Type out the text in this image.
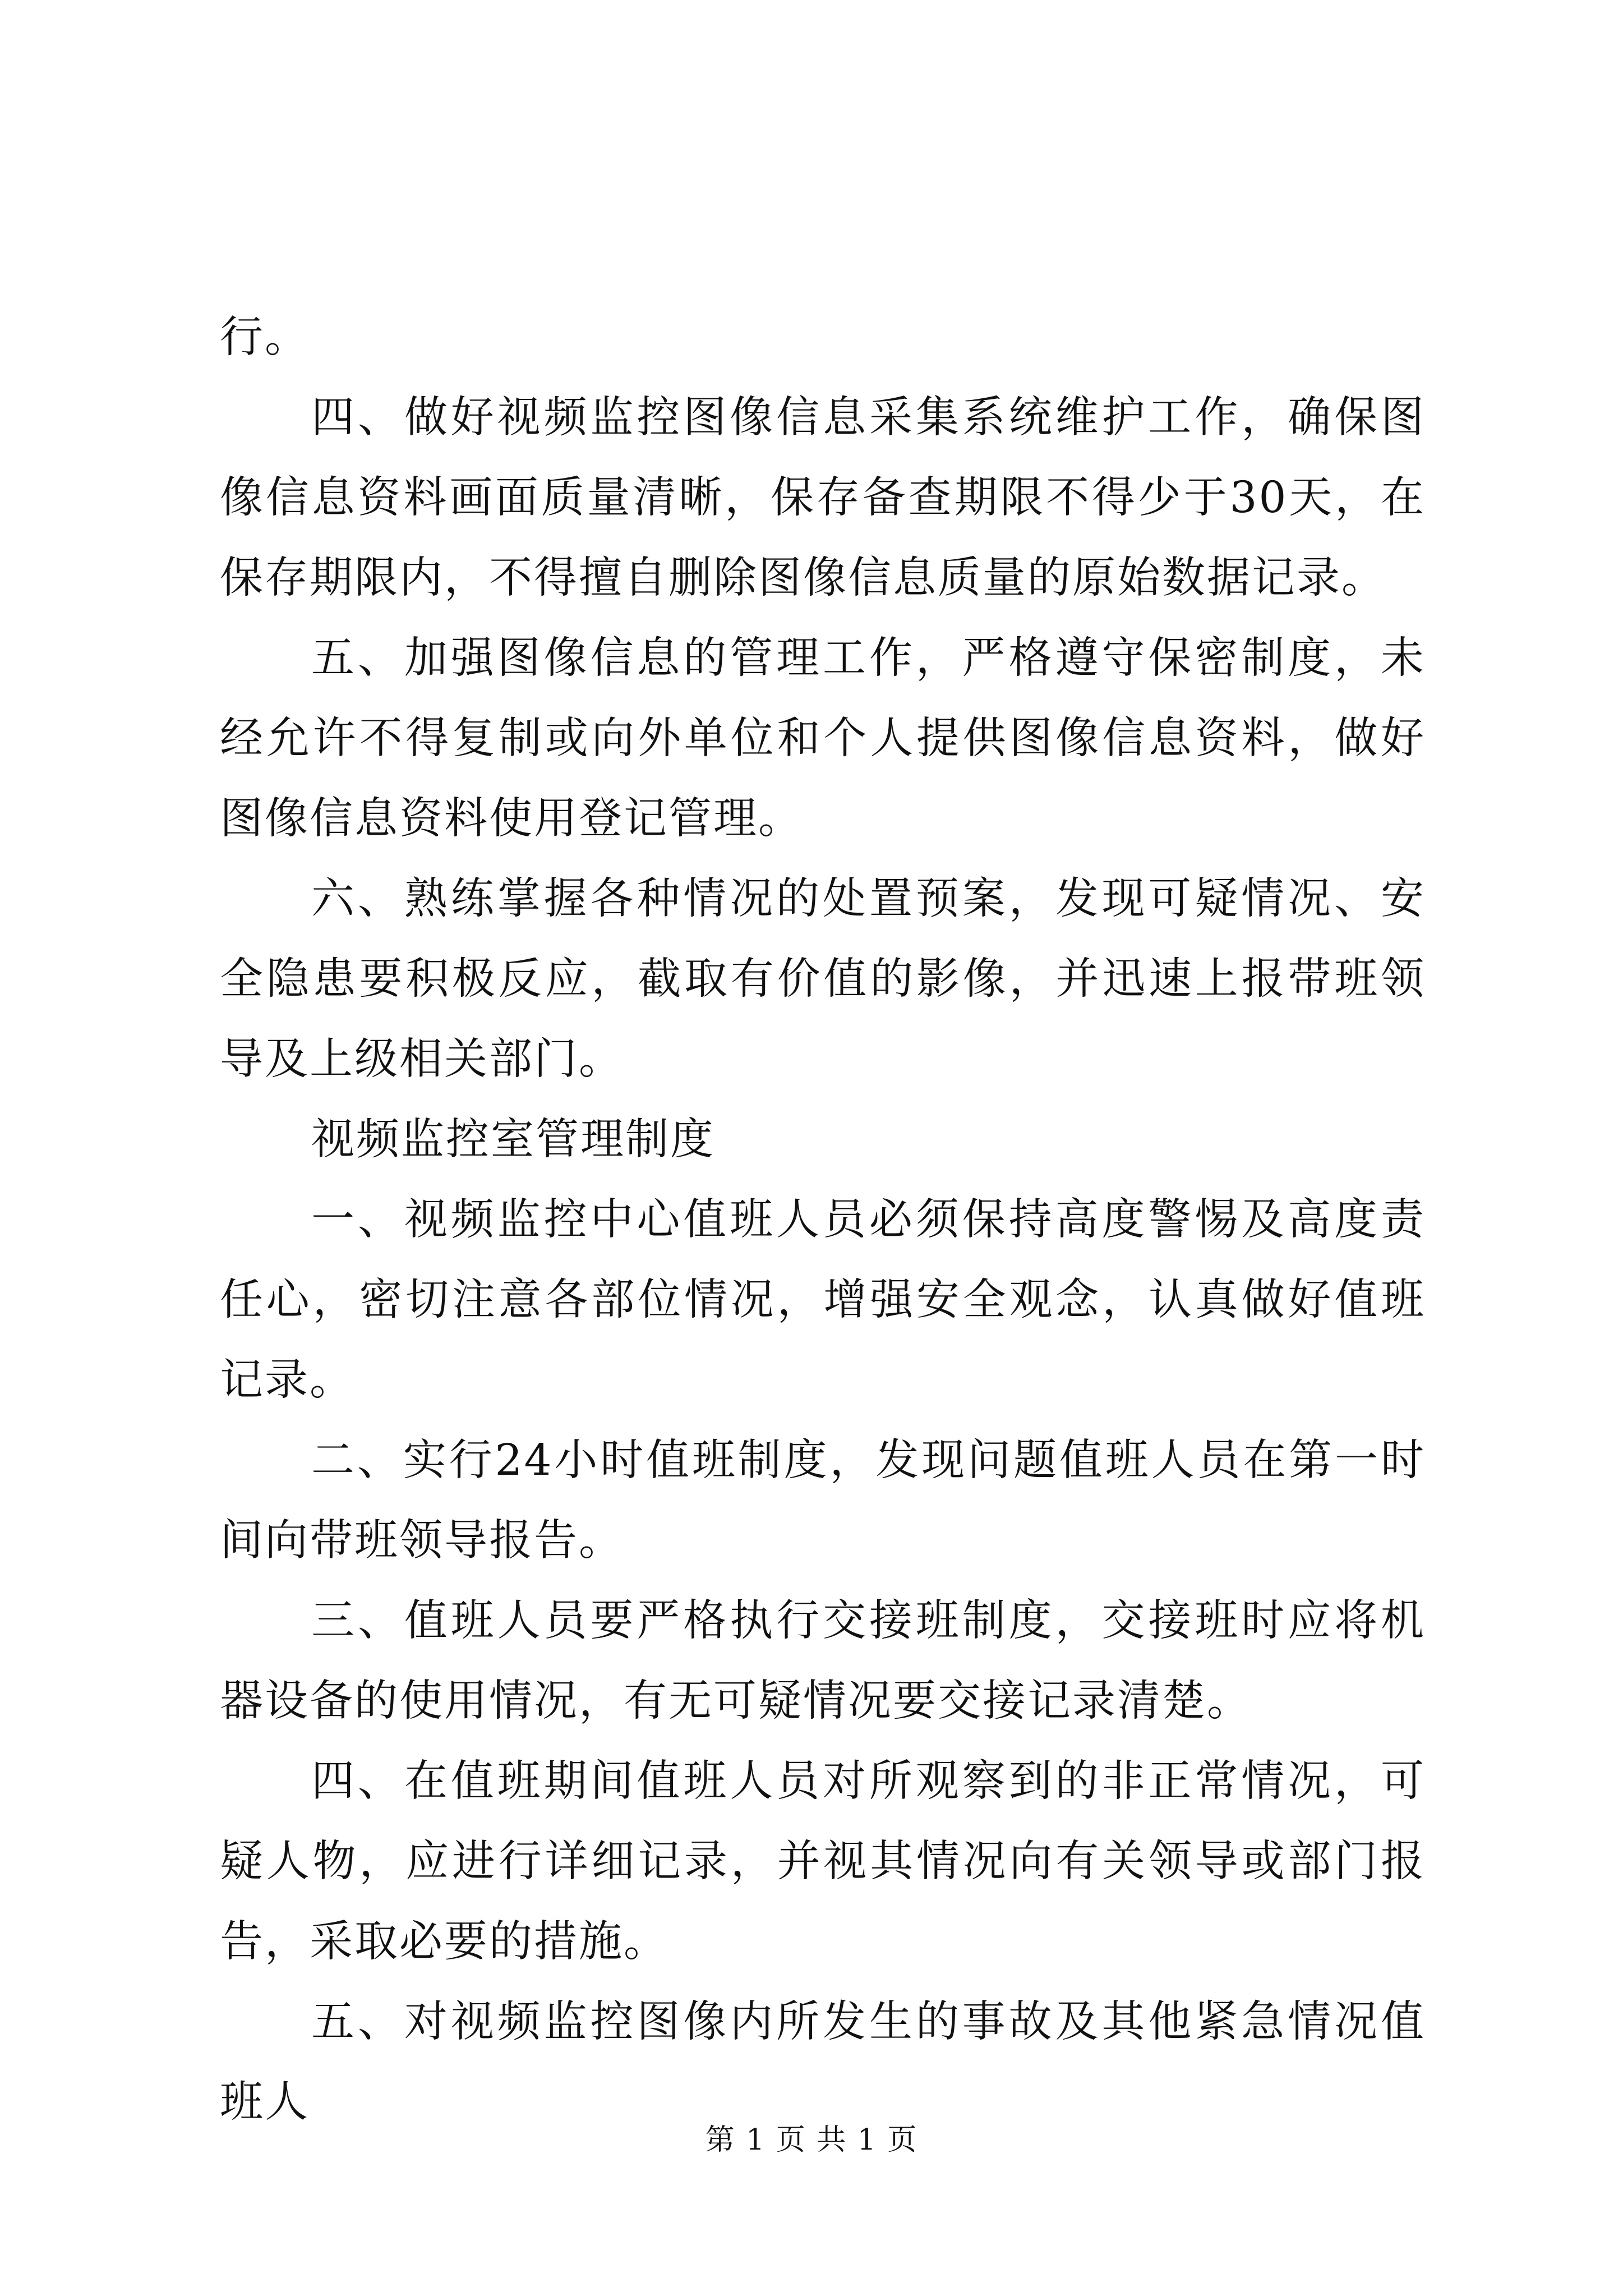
行。

四、做好视频监控图像信息采集系统维护工作，确保图像信息资料画面质量清晰，保存备查期限不得少于30天，在保存期限内，不得擅自删除图像信息质量的原始数据记录。

五、加强图像信息的管理工作，严格遵守保密制度，未经允许不得复制或向外单位和个人提供图像信息资料，做好图像信息资料使用登记管理。

六、熟练掌握各种情况的处置预案，发现可疑情况、安全隐患要积极反应，截取有价值的影像，并迅速上报带班领导及上级相关部门。

视频监控室管理制度

一、视频监控中心值班人员必须保持高度警惕及高度责任心，密切注意各部位情况，增强安全观念，认真做好值班记录。

二、实行24小时值班制度，发现问题值班人员在第一时间向带班领导报告。

三、值班人员要严格执行交接班制度，交接班时应将机器设备的使用情况，有无可疑情况要交接记录清楚。

四、在值班期间值班人员对所观察到的非正常情况，可疑人物，应进行详细记录，并视其情况向有关领导或部门报告，采取必要的措施。

五、对视频监控图像内所发生的事故及其他紧急情况值班人

第 1 页 共 1 页
